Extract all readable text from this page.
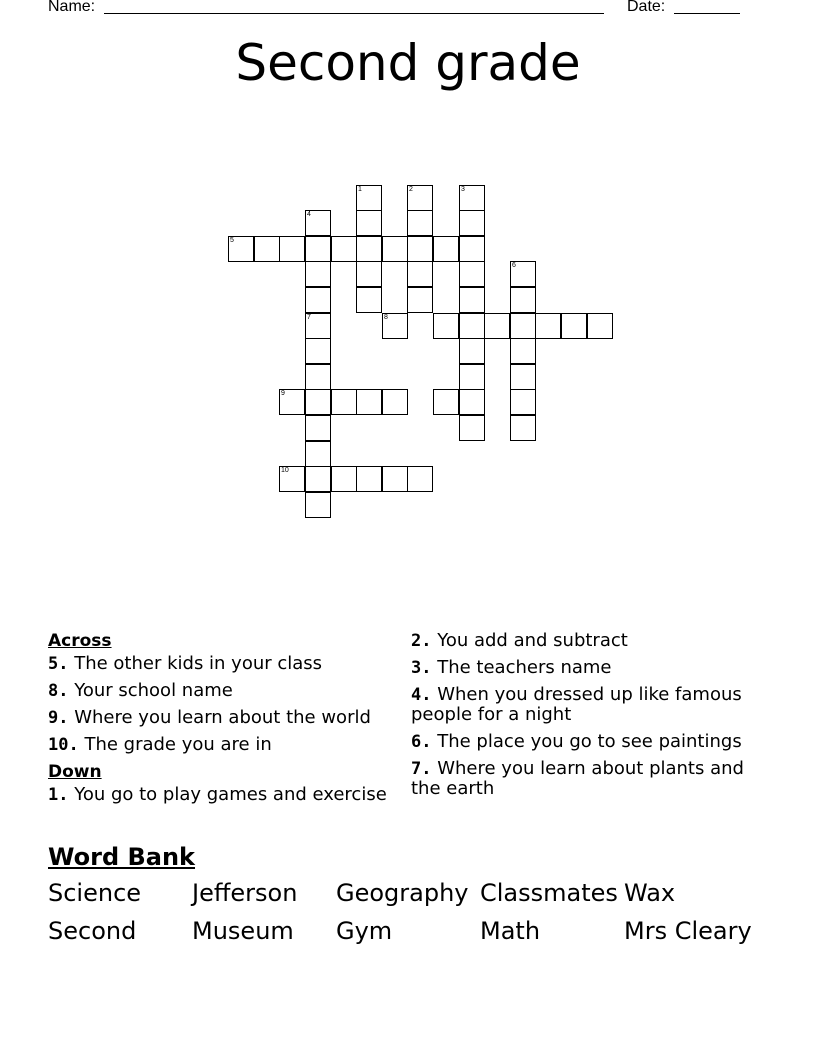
Name:	Date:
Second grade
1	2	3
4
5
6
7	8
9
10
Across
5. The other kids in your class
8. Your school name
9. Where you learn about the world
10. The grade you are in
Down
1. You go to play games and exercise
2. You add and subtract
3. The teachers name
4. When you dressed up like famous people for a night
6. The place you go to see paintings
7. Where you learn about plants and the earth
Word Bank
Science	Jefferson	Geography Classmates Wax
Second	Museum	Gym	Math	Mrs Cleary
